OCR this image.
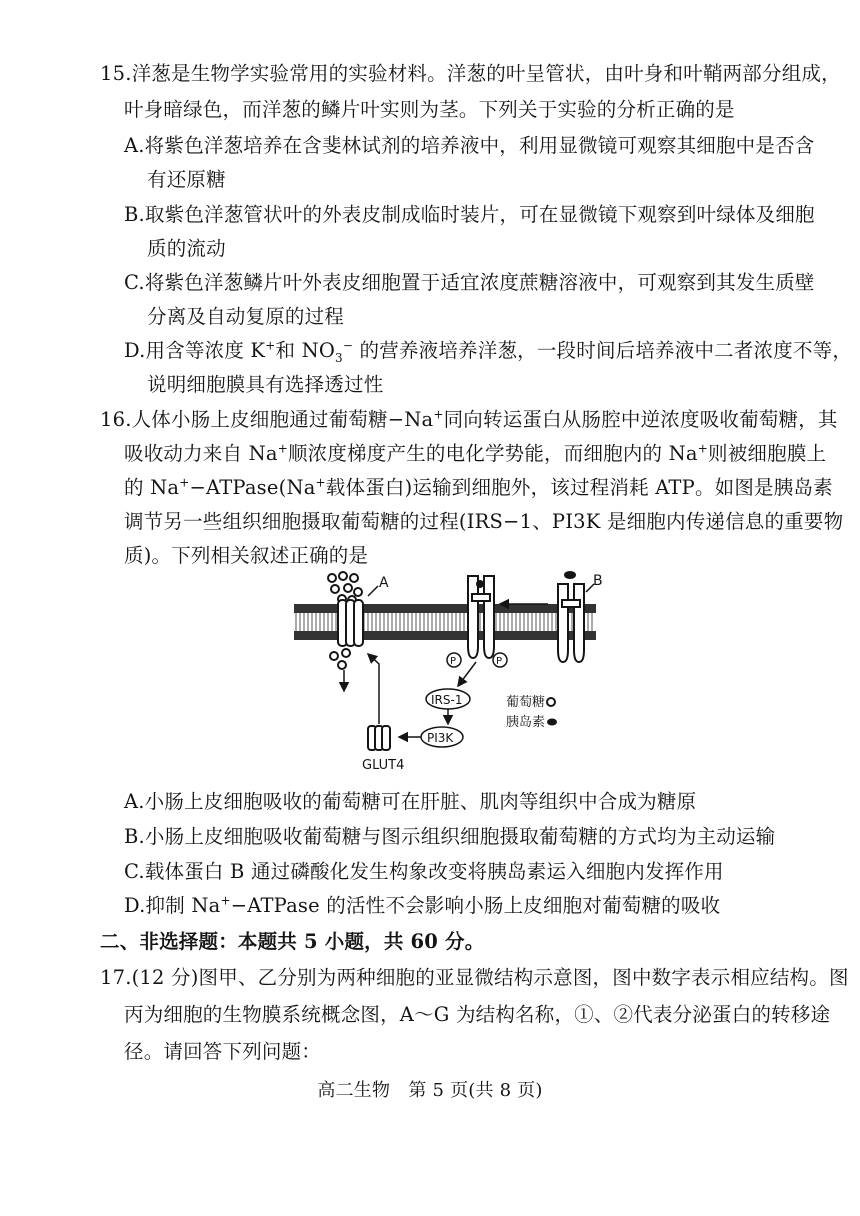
15.洋葱是生物学实验常用的实验材料。洋葱的叶呈管状，由叶身和叶鞘两部分组成，
叶身暗绿色，而洋葱的鳞片叶实则为茎。下列关于实验的分析正确的是
A.将紫色洋葱培养在含斐林试剂的培养液中，利用显微镜可观察其细胞中是否含
有还原糖
B.取紫色洋葱管状叶的外表皮制成临时装片，可在显微镜下观察到叶绿体及细胞
质的流动
C.将紫色洋葱鳞片叶外表皮细胞置于适宜浓度蔗糖溶液中，可观察到其发生质壁
分离及自动复原的过程
D.用含等浓度 K+和 $NO_3^-$ 的营养液培养洋葱，一段时间后培养液中二者浓度不等，
说明细胞膜具有选择透过性
16.人体小肠上皮细胞通过葡萄糖−Na+同向转运蛋白从肠腔中逆浓度吸收葡萄糖，其
吸收动力来自 Na+顺浓度梯度产生的电化学势能，而细胞内的 Na+则被细胞膜上
的 Na+−ATPase(Na+载体蛋白)运输到细胞外，该过程消耗 ATP。如图是胰岛素
调节另一些组织细胞摄取葡萄糖的过程(IRS−1、PI3K 是细胞内传递信息的重要物
质)。下列相关叙述正确的是
A	B
P	P
IRS-1
PI3K
GLUT4
葡萄糖
胰岛素
A.小肠上皮细胞吸收的葡萄糖可在肝脏、肌肉等组织中合成为糖原
B.小肠上皮细胞吸收葡萄糖与图示组织细胞摄取葡萄糖的方式均为主动运输
C.载体蛋白 B 通过磷酸化发生构象改变将胰岛素运入细胞内发挥作用
D.抑制 Na+−ATPase 的活性不会影响小肠上皮细胞对葡萄糖的吸收
二、非选择题：本题共 5 小题，共 60 分。
17.(12 分)图甲、乙分别为两种细胞的亚显微结构示意图，图中数字表示相应结构。图
丙为细胞的生物膜系统概念图，A～G 为结构名称，①、②代表分泌蛋白的转移途
径。请回答下列问题：
高二生物　第 5 页(共 8 页)
